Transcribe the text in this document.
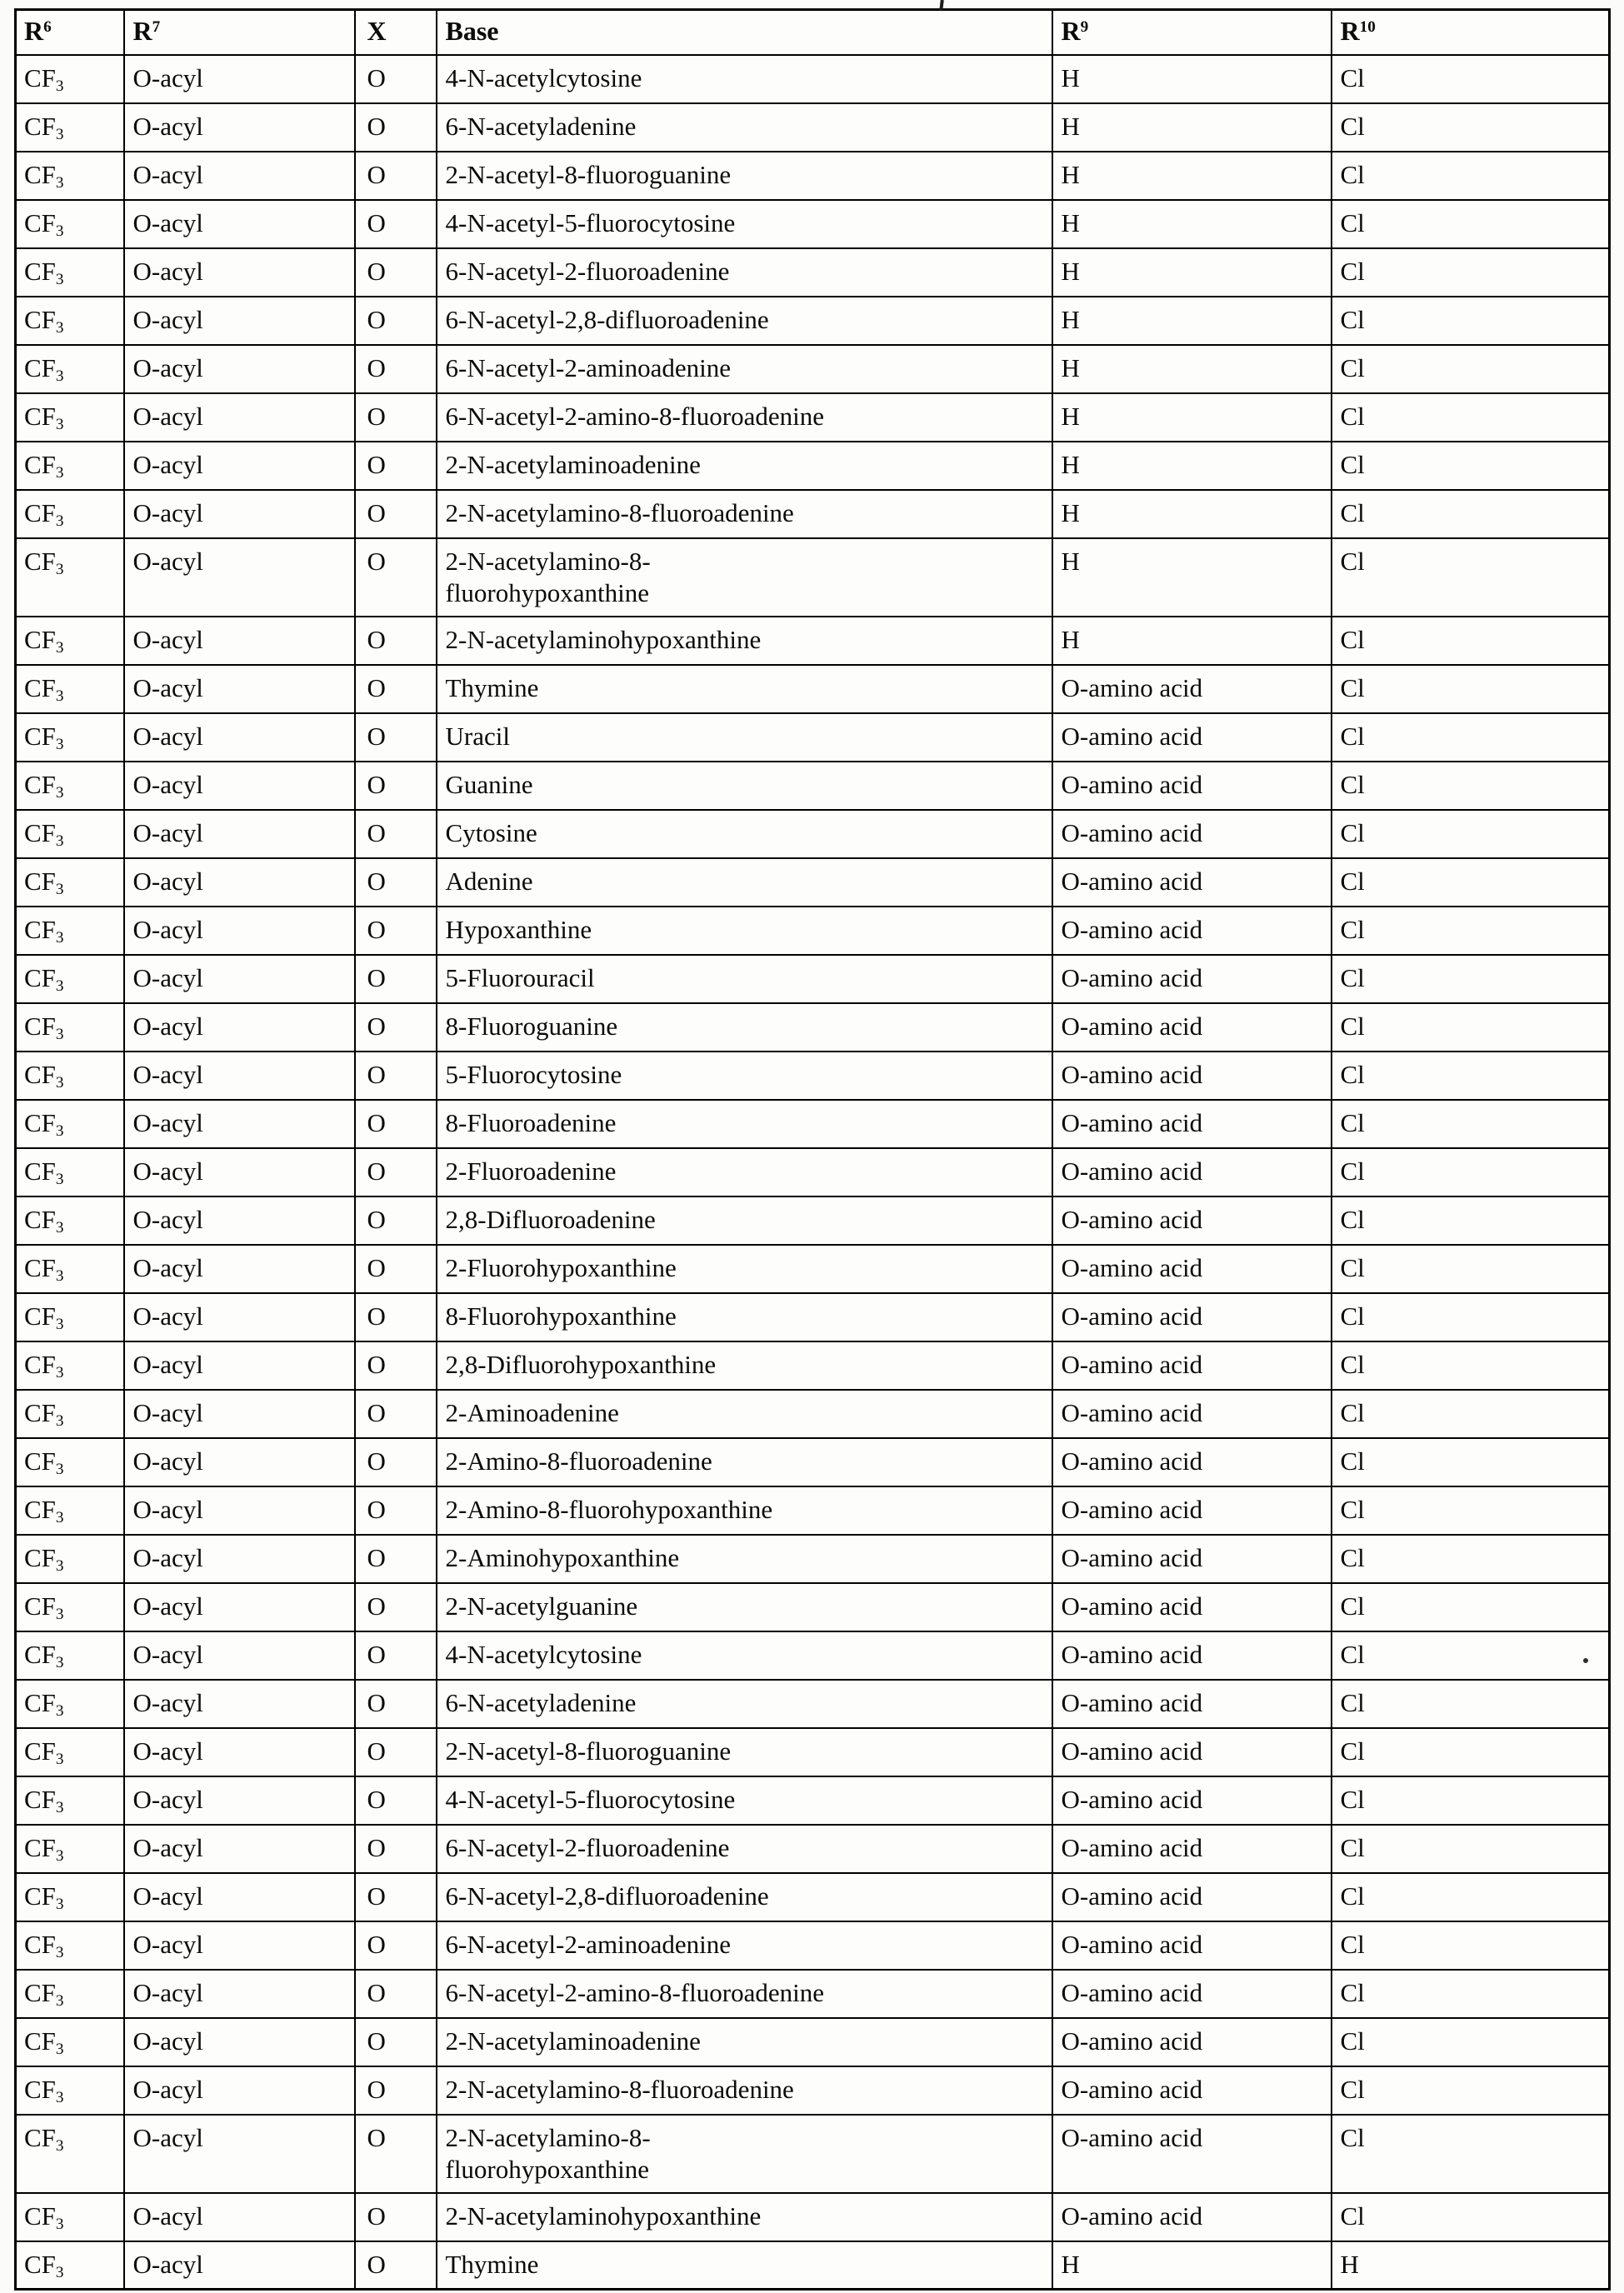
$R^6$	$R^7$	X	Base	$R^9$	$R^{10}$
$CF_3$	O-acyl	O	4-N-acetylcytosine	H	Cl
$CF_3$	O-acyl	O	6-N-acetyladenine	H	Cl
$CF_3$	O-acyl	O	2-N-acetyl-8-fluoroguanine	H	Cl
$CF_3$	O-acyl	O	4-N-acetyl-5-fluorocytosine	H	Cl
$CF_3$	O-acyl	O	6-N-acetyl-2-fluoroadenine	H	Cl
$CF_3$	O-acyl	O	6-N-acetyl-2,8-difluoroadenine	H	Cl
$CF_3$	O-acyl	O	6-N-acetyl-2-aminoadenine	H	Cl
$CF_3$	O-acyl	O	6-N-acetyl-2-amino-8-fluoroadenine	H	Cl
$CF_3$	O-acyl	O	2-N-acetylaminoadenine	H	Cl
$CF_3$	O-acyl	O	2-N-acetylamino-8-fluoroadenine	H	Cl
$CF_3$	O-acyl	O	2-N-acetylamino-8-
fluorohypoxanthine	H	Cl
$CF_3$	O-acyl	O	2-N-acetylaminohypoxanthine	H	Cl
$CF_3$	O-acyl	O	Thymine	O-amino acid	Cl
$CF_3$	O-acyl	O	Uracil	O-amino acid	Cl
$CF_3$	O-acyl	O	Guanine	O-amino acid	Cl
$CF_3$	O-acyl	O	Cytosine	O-amino acid	Cl
$CF_3$	O-acyl	O	Adenine	O-amino acid	Cl
$CF_3$	O-acyl	O	Hypoxanthine	O-amino acid	Cl
$CF_3$	O-acyl	O	5-Fluorouracil	O-amino acid	Cl
$CF_3$	O-acyl	O	8-Fluoroguanine	O-amino acid	Cl
$CF_3$	O-acyl	O	5-Fluorocytosine	O-amino acid	Cl
$CF_3$	O-acyl	O	8-Fluoroadenine	O-amino acid	Cl
$CF_3$	O-acyl	O	2-Fluoroadenine	O-amino acid	Cl
$CF_3$	O-acyl	O	2,8-Difluoroadenine	O-amino acid	Cl
$CF_3$	O-acyl	O	2-Fluorohypoxanthine	O-amino acid	Cl
$CF_3$	O-acyl	O	8-Fluorohypoxanthine	O-amino acid	Cl
$CF_3$	O-acyl	O	2,8-Difluorohypoxanthine	O-amino acid	Cl
$CF_3$	O-acyl	O	2-Aminoadenine	O-amino acid	Cl
$CF_3$	O-acyl	O	2-Amino-8-fluoroadenine	O-amino acid	Cl
$CF_3$	O-acyl	O	2-Amino-8-fluorohypoxanthine	O-amino acid	Cl
$CF_3$	O-acyl	O	2-Aminohypoxanthine	O-amino acid	Cl
$CF_3$	O-acyl	O	2-N-acetylguanine	O-amino acid	Cl
$CF_3$	O-acyl	O	4-N-acetylcytosine	O-amino acid	Cl
$CF_3$	O-acyl	O	6-N-acetyladenine	O-amino acid	Cl
$CF_3$	O-acyl	O	2-N-acetyl-8-fluoroguanine	O-amino acid	Cl
$CF_3$	O-acyl	O	4-N-acetyl-5-fluorocytosine	O-amino acid	Cl
$CF_3$	O-acyl	O	6-N-acetyl-2-fluoroadenine	O-amino acid	Cl
$CF_3$	O-acyl	O	6-N-acetyl-2,8-difluoroadenine	O-amino acid	Cl
$CF_3$	O-acyl	O	6-N-acetyl-2-aminoadenine	O-amino acid	Cl
$CF_3$	O-acyl	O	6-N-acetyl-2-amino-8-fluoroadenine	O-amino acid	Cl
$CF_3$	O-acyl	O	2-N-acetylaminoadenine	O-amino acid	Cl
$CF_3$	O-acyl	O	2-N-acetylamino-8-fluoroadenine	O-amino acid	Cl
$CF_3$	O-acyl	O	2-N-acetylamino-8-
fluorohypoxanthine	O-amino acid	Cl
$CF_3$	O-acyl	O	2-N-acetylaminohypoxanthine	O-amino acid	Cl
$CF_3$	O-acyl	O	Thymine	H	H
